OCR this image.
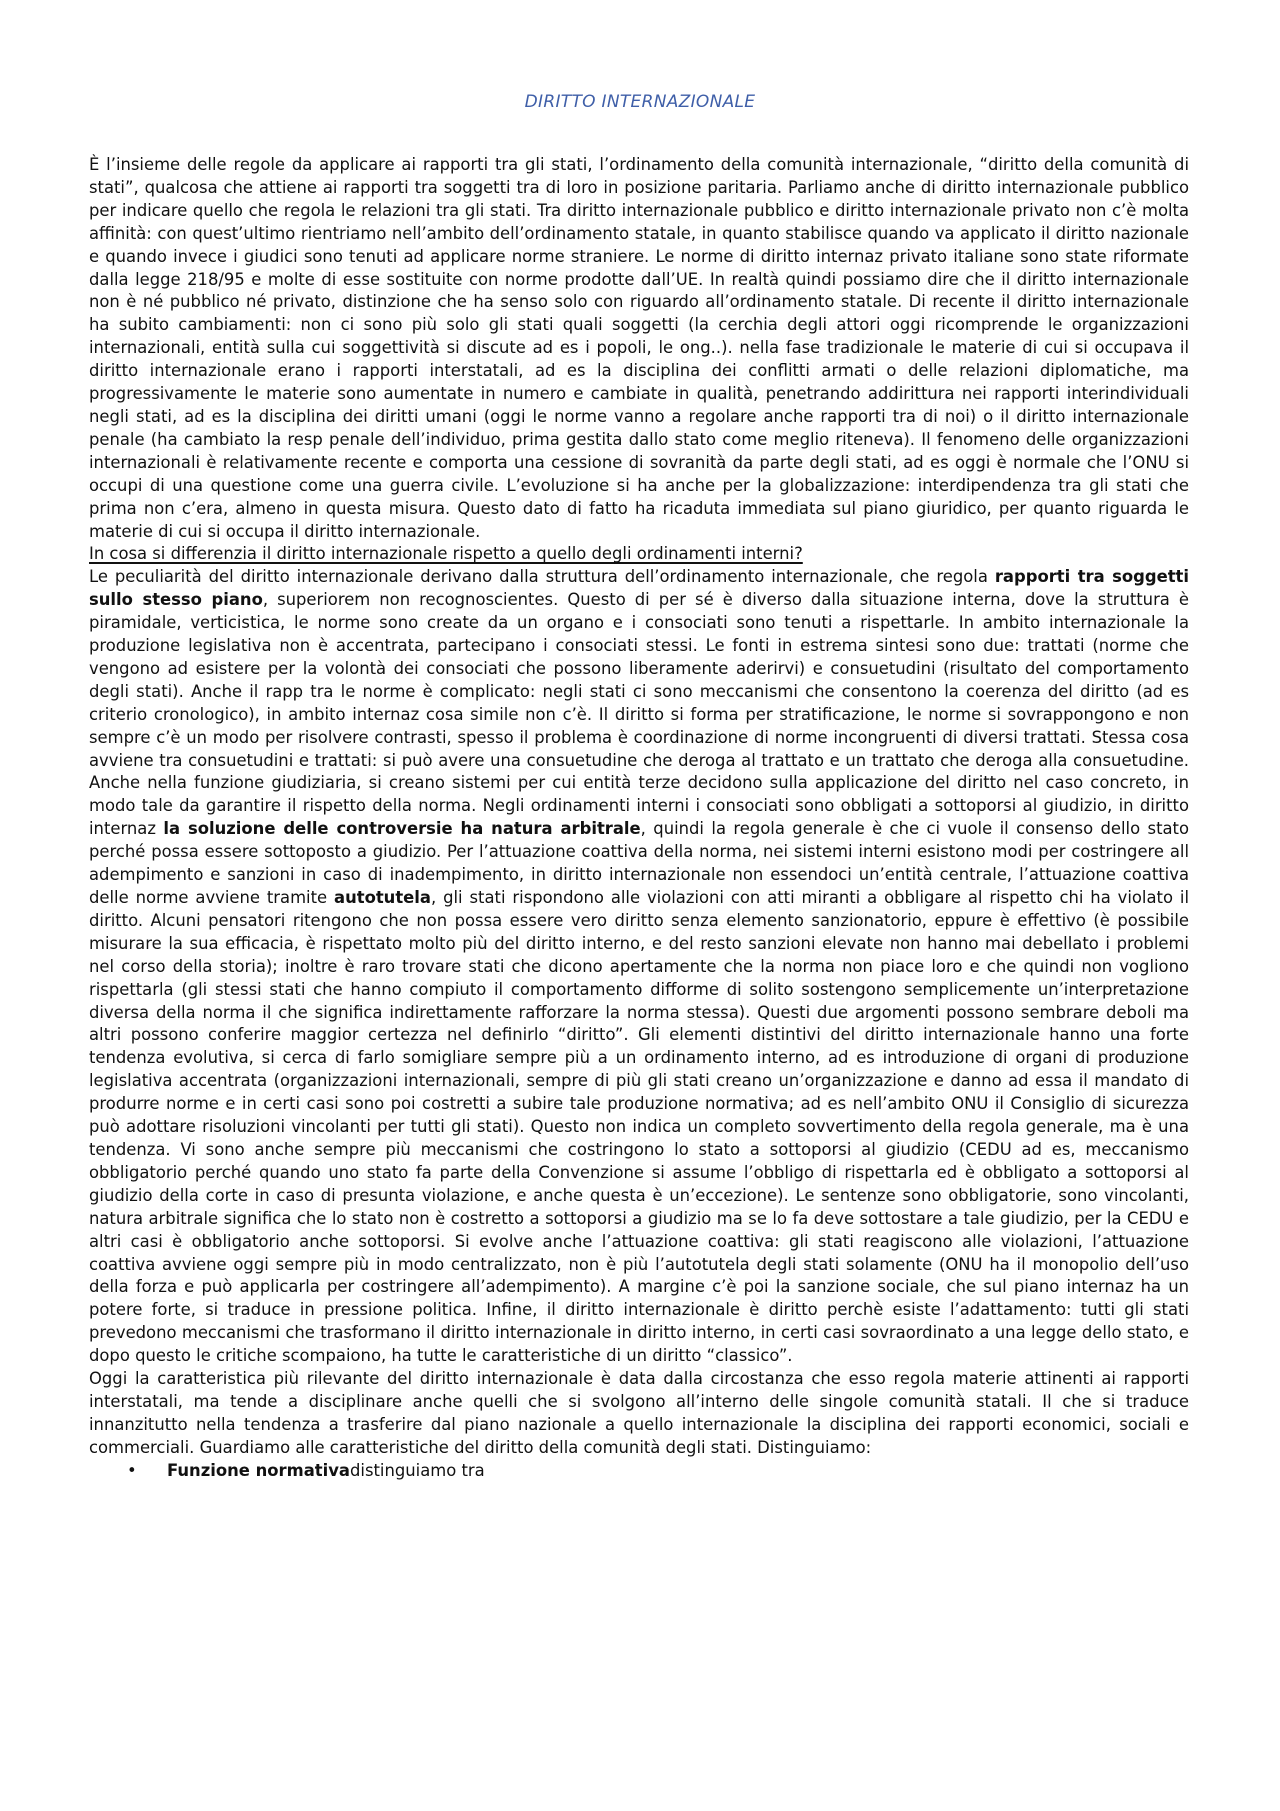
DIRITTO INTERNAZIONALE

È l’insieme delle regole da applicare ai rapporti tra gli stati, l’ordinamento della comunità internazionale, “diritto della comunità di stati”, qualcosa che attiene ai rapporti tra soggetti tra di loro in posizione paritaria. Parliamo anche di diritto internazionale pubblico per indicare quello che regola le relazioni tra gli stati. Tra diritto internazionale pubblico e diritto internazionale privato non c’è molta affinità: con quest’ultimo rientriamo nell’ambito dell’ordinamento statale, in quanto stabilisce quando va applicato il diritto nazionale e quando invece i giudici sono tenuti ad applicare norme straniere. Le norme di diritto internaz privato italiane sono state riformate dalla legge 218/95 e molte di esse sostituite con norme prodotte dall’UE. In realtà quindi possiamo dire che il diritto internazionale non è né pubblico né privato, distinzione che ha senso solo con riguardo all’ordinamento statale. Di recente il diritto internazionale ha subito cambiamenti: non ci sono più solo gli stati quali soggetti (la cerchia degli attori oggi ricomprende le organizzazioni internazionali, entità sulla cui soggettività si discute ad es i popoli, le ong..). nella fase tradizionale le materie di cui si occupava il diritto internazionale erano i rapporti interstatali, ad es la disciplina dei conflitti armati o delle relazioni diplomatiche, ma progressivamente le materie sono aumentate in numero e cambiate in qualità, penetrando addirittura nei rapporti interindividuali negli stati, ad es la disciplina dei diritti umani (oggi le norme vanno a regolare anche rapporti tra di noi) o il diritto internazionale penale (ha cambiato la resp penale dell’individuo, prima gestita dallo stato come meglio riteneva). Il fenomeno delle organizzazioni internazionali è relativamente recente e comporta una cessione di sovranità da parte degli stati, ad es oggi è normale che l’ONU si occupi di una questione come una guerra civile. L’evoluzione si ha anche per la globalizzazione: interdipendenza tra gli stati che prima non c’era, almeno in questa misura. Questo dato di fatto ha ricaduta immediata sul piano giuridico, per quanto riguarda le materie di cui si occupa il diritto internazionale.

In cosa si differenzia il diritto internazionale rispetto a quello degli ordinamenti interni?

Le peculiarità del diritto internazionale derivano dalla struttura dell’ordinamento internazionale, che regola rapporti tra soggetti sullo stesso piano, superiorem non recognoscientes. Questo di per sé è diverso dalla situazione interna, dove la struttura è piramidale, verticistica, le norme sono create da un organo e i consociati sono tenuti a rispettarle. In ambito internazionale la produzione legislativa non è accentrata, partecipano i consociati stessi. Le fonti in estrema sintesi sono due: trattati (norme che vengono ad esistere per la volontà dei consociati che possono liberamente aderirvi) e consuetudini (risultato del comportamento degli stati). Anche il rapp tra le norme è complicato: negli stati ci sono meccanismi che consentono la coerenza del diritto (ad es criterio cronologico), in ambito internaz cosa simile non c’è. Il diritto si forma per stratificazione, le norme si sovrappongono e non sempre c’è un modo per risolvere contrasti, spesso il problema è coordinazione di norme incongruenti di diversi trattati. Stessa cosa avviene tra consuetudini e trattati: si può avere una consuetudine che deroga al trattato e un trattato che deroga alla consuetudine. Anche nella funzione giudiziaria, si creano sistemi per cui entità terze decidono sulla applicazione del diritto nel caso concreto, in modo tale da garantire il rispetto della norma. Negli ordinamenti interni i consociati sono obbligati a sottoporsi al giudizio, in diritto internaz la soluzione delle controversie ha natura arbitrale, quindi la regola generale è che ci vuole il consenso dello stato perché possa essere sottoposto a giudizio. Per l’attuazione coattiva della norma, nei sistemi interni esistono modi per costringere all adempimento e sanzioni in caso di inadempimento, in diritto internazionale non essendoci un’entità centrale, l’attuazione coattiva delle norme avviene tramite autotutela, gli stati rispondono alle violazioni con atti miranti a obbligare al rispetto chi ha violato il diritto. Alcuni pensatori ritengono che non possa essere vero diritto senza elemento sanzionatorio, eppure è effettivo (è possibile misurare la sua efficacia, è rispettato molto più del diritto interno, e del resto sanzioni elevate non hanno mai debellato i problemi nel corso della storia); inoltre è raro trovare stati che dicono apertamente che la norma non piace loro e che quindi non vogliono rispettarla (gli stessi stati che hanno compiuto il comportamento difforme di solito sostengono semplicemente un’interpretazione diversa della norma il che significa indirettamente rafforzare la norma stessa). Questi due argomenti possono sembrare deboli ma altri possono conferire maggior certezza nel definirlo “diritto”. Gli elementi distintivi del diritto internazionale hanno una forte tendenza evolutiva, si cerca di farlo somigliare sempre più a un ordinamento interno, ad es introduzione di organi di produzione legislativa accentrata (organizzazioni internazionali, sempre di più gli stati creano un’organizzazione e danno ad essa il mandato di produrre norme e in certi casi sono poi costretti a subire tale produzione normativa; ad es nell’ambito ONU il Consiglio di sicurezza può adottare risoluzioni vincolanti per tutti gli stati). Questo non indica un completo sovvertimento della regola generale, ma è una tendenza. Vi sono anche sempre più meccanismi che costringono lo stato a sottoporsi al giudizio (CEDU ad es, meccanismo obbligatorio perché quando uno stato fa parte della Convenzione si assume l’obbligo di rispettarla ed è obbligato a sottoporsi al giudizio della corte in caso di presunta violazione, e anche questa è un’eccezione). Le sentenze sono obbligatorie, sono vincolanti, natura arbitrale significa che lo stato non è costretto a sottoporsi a giudizio ma se lo fa deve sottostare a tale giudizio, per la CEDU e altri casi è obbligatorio anche sottoporsi. Si evolve anche l’attuazione coattiva: gli stati reagiscono alle violazioni, l’attuazione coattiva avviene oggi sempre più in modo centralizzato, non è più l’autotutela degli stati solamente (ONU ha il monopolio dell’uso della forza e può applicarla per costringere all’adempimento). A margine c’è poi la sanzione sociale, che sul piano internaz ha un potere forte, si traduce in pressione politica. Infine, il diritto internazionale è diritto perchè esiste l’adattamento: tutti gli stati prevedono meccanismi che trasformano il diritto internazionale in diritto interno, in certi casi sovraordinato a una legge dello stato, e dopo questo le critiche scompaiono, ha tutte le caratteristiche di un diritto “classico”.

Oggi la caratteristica più rilevante del diritto internazionale è data dalla circostanza che esso regola materie attinenti ai rapporti interstatali, ma tende a disciplinare anche quelli che si svolgono all’interno delle singole comunità statali. Il che si traduce innanzitutto nella tendenza a trasferire dal piano nazionale a quello internazionale la disciplina dei rapporti economici, sociali e commerciali. Guardiamo alle caratteristiche del diritto della comunità degli stati. Distinguiamo:

• Funzione normativadistinguiamo tra
